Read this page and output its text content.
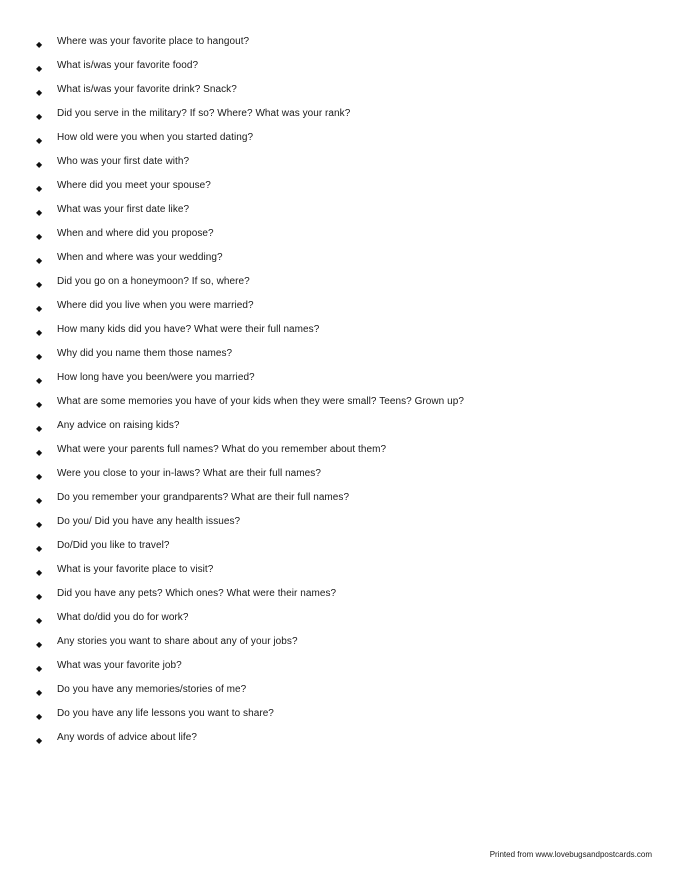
◆ Where was your favorite place to hangout?
◆ What is/was your favorite food?
◆ What is/was your favorite drink? Snack?
◆ Did you serve in the military? If so? Where? What was your rank?
◆ How old were you when you started dating?
◆ Who was your first date with?
◆ Where did you meet your spouse?
◆ What was your first date like?
◆ When and where did you propose?
◆ When and where was your wedding?
◆ Did you go on a honeymoon? If so, where?
◆ Where did you live when you were married?
◆ How many kids did you have? What were their full names?
◆ Why did you name them those names?
◆ How long have you been/were you married?
◆ What are some memories you have of your kids when they were small? Teens? Grown up?
◆ Any advice on raising kids?
◆ What were your parents full names? What do you remember about them?
◆ Were you close to your in-laws? What are their full names?
◆ Do you remember your grandparents? What are their full names?
◆ Do you/ Did you have any health issues?
◆ Do/Did you like to travel?
◆ What is your favorite place to visit?
◆ Did you have any pets? Which ones? What were their names?
◆ What do/did you do for work?
◆ Any stories you want to share about any of your jobs?
◆ What was your favorite job?
◆ Do you have any memories/stories of me?
◆ Do you have any life lessons you want to share?
◆ Any words of advice about life?
Printed from www.lovebugsandpostcards.com
